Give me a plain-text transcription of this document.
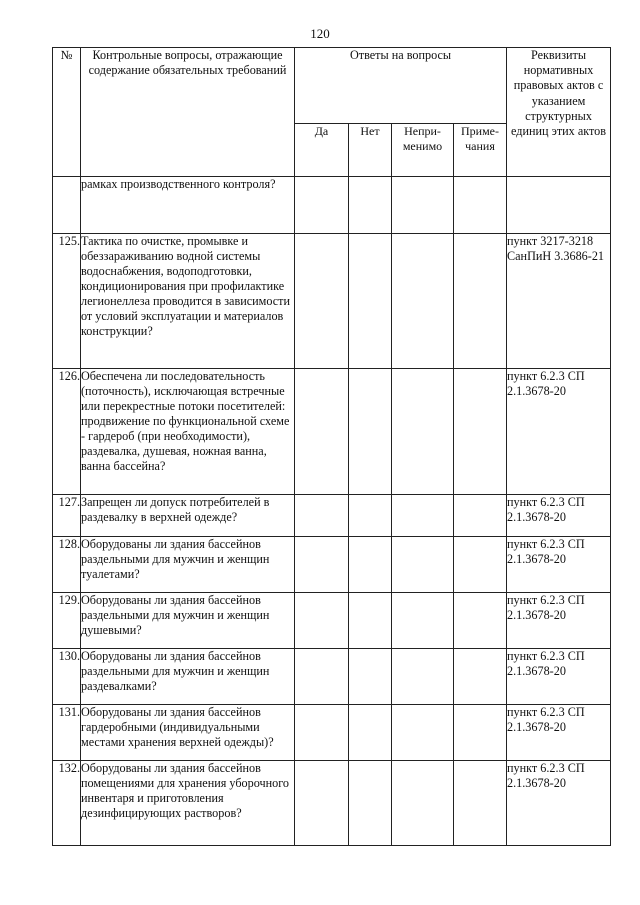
120
№	Контрольные вопросы, отражающие содержание обязательных требований	Ответы на вопросы				Реквизиты нормативных правовых актов с указанием структурных единиц этих актов
		Да	Нет	Непри-менимо	Приме-чания	
	рамках производственного контроля?					
125.	Тактика по очистке, промывке и обеззараживанию водной системы водоснабжения, водоподготовки, кондиционирования при профилактике легионеллеза проводится в зависимости от условий эксплуатации и материалов конструкции?					пункт 3217-3218 СанПиН 3.3686-21
126.	Обеспечена ли последовательность (поточность), исключающая встречные или перекрестные потоки посетителей: продвижение по функциональной схеме - гардероб (при необходимости), раздевалка, душевая, ножная ванна, ванна бассейна?					пункт 6.2.3 СП 2.1.3678-20
127.	Запрещен ли допуск потребителей в раздевалку в верхней одежде?					пункт 6.2.3 СП 2.1.3678-20
128.	Оборудованы ли здания бассейнов раздельными для мужчин и женщин туалетами?					пункт 6.2.3 СП 2.1.3678-20
129.	Оборудованы ли здания бассейнов раздельными для мужчин и женщин душевыми?					пункт 6.2.3 СП 2.1.3678-20
130.	Оборудованы ли здания бассейнов раздельными для мужчин и женщин раздевалками?					пункт 6.2.3 СП 2.1.3678-20
131.	Оборудованы ли здания бассейнов гардеробными (индивидуальными местами хранения верхней одежды)?					пункт 6.2.3 СП 2.1.3678-20
132.	Оборудованы ли здания бассейнов помещениями для хранения уборочного инвентаря и приготовления дезинфицирующих растворов?					пункт 6.2.3 СП 2.1.3678-20
